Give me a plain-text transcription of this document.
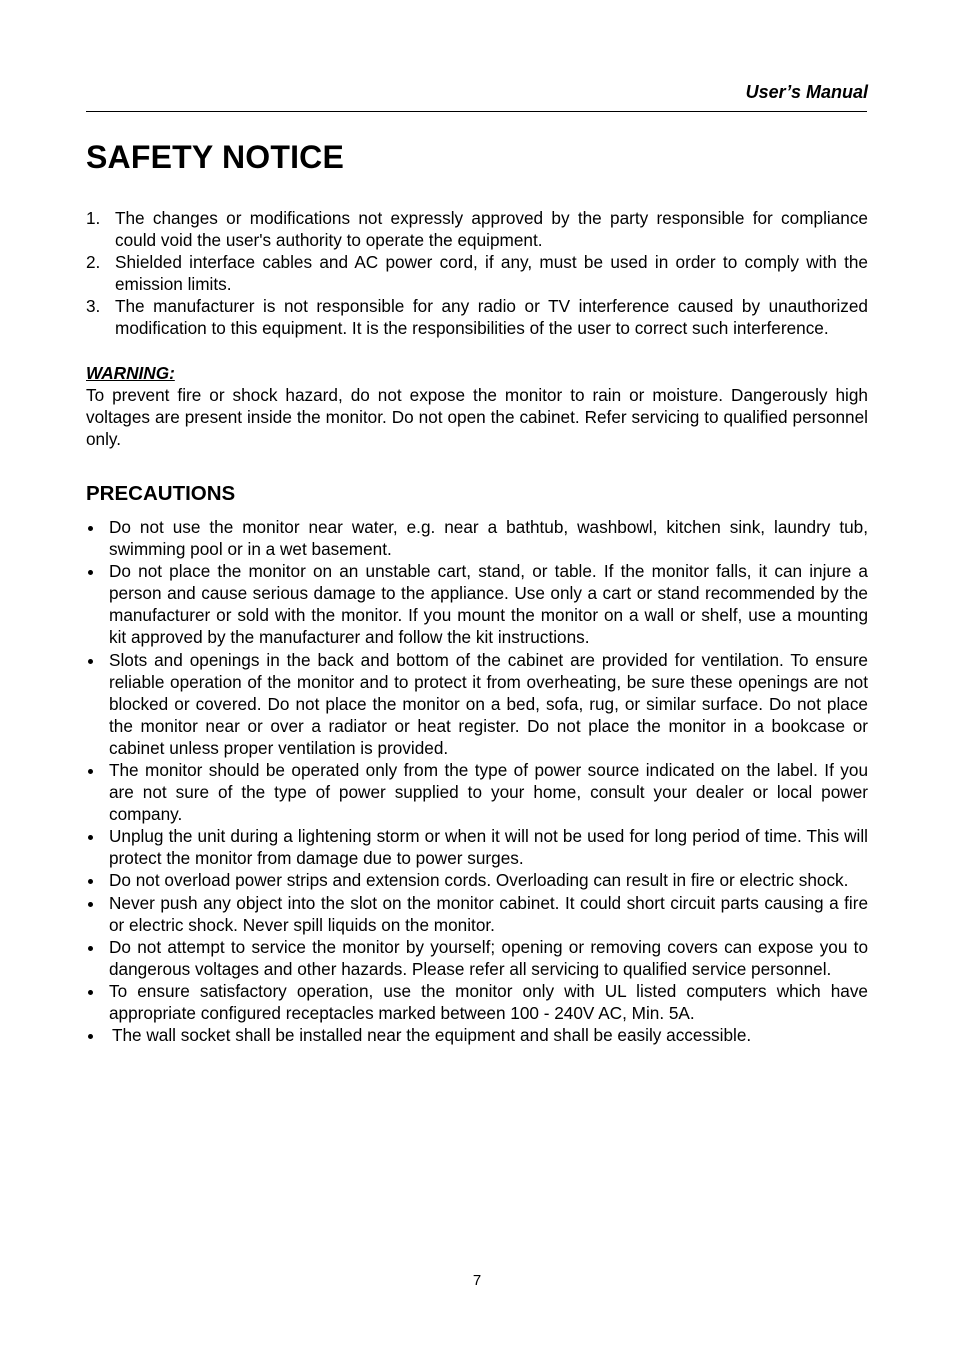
User’s Manual
SAFETY NOTICE
1. The changes or modifications not expressly approved by the party responsible for compliance could void the user's authority to operate the equipment.
2. Shielded interface cables and AC power cord, if any, must be used in order to comply with the emission limits.
3. The manufacturer is not responsible for any radio or TV interference caused by unauthorized modification to this equipment. It is the responsibilities of the user to correct such interference.
WARNING:
To prevent fire or shock hazard, do not expose the monitor to rain or moisture. Dangerously high voltages are present inside the monitor. Do not open the cabinet. Refer servicing to qualified personnel only.
PRECAUTIONS
Do not use the monitor near water, e.g. near a bathtub, washbowl, kitchen sink, laundry tub, swimming pool or in a wet basement.
Do not place the monitor on an unstable cart, stand, or table. If the monitor falls, it can injure a person and cause serious damage to the appliance. Use only a cart or stand recommended by the manufacturer or sold with the monitor. If you mount the monitor on a wall or shelf, use a mounting kit approved by the manufacturer and follow the kit instructions.
Slots and openings in the back and bottom of the cabinet are provided for ventilation. To ensure reliable operation of the monitor and to protect it from overheating, be sure these openings are not blocked or covered. Do not place the monitor on a bed, sofa, rug, or similar surface. Do not place the monitor near or over a radiator or heat register. Do not place the monitor in a bookcase or cabinet unless proper ventilation is provided.
The monitor should be operated only from the type of power source indicated on the label. If you are not sure of the type of power supplied to your home, consult your dealer or local power company.
Unplug the unit during a lightening storm or when it will not be used for long period of time. This will protect the monitor from damage due to power surges.
Do not overload power strips and extension cords. Overloading can result in fire or electric shock.
Never push any object into the slot on the monitor cabinet. It could short circuit parts causing a fire or electric shock. Never spill liquids on the monitor.
Do not attempt to service the monitor by yourself; opening or removing covers can expose you to dangerous voltages and other hazards. Please refer all servicing to qualified service personnel.
To ensure satisfactory operation, use the monitor only with UL listed computers which have appropriate configured receptacles marked between 100 - 240V AC, Min. 5A.
The wall socket shall be installed near the equipment and shall be easily accessible.
7
